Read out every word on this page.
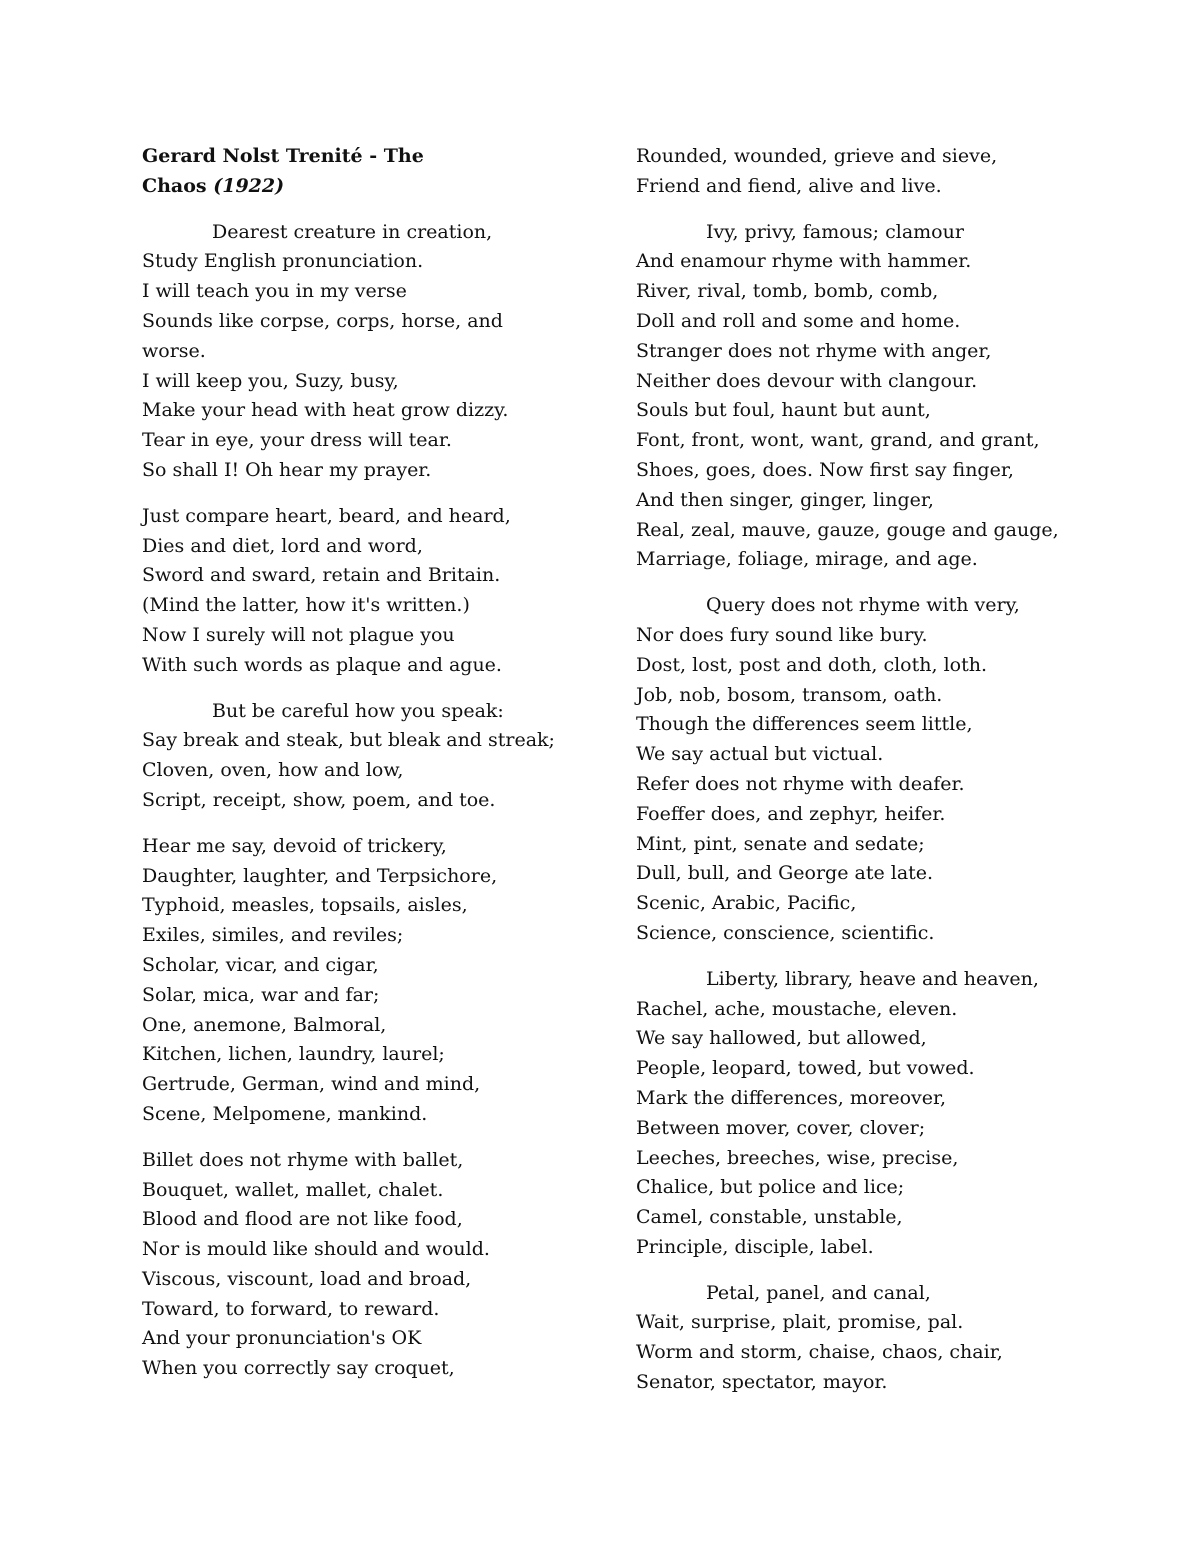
Gerard Nolst Trenité - The
Chaos (1922)
Dearest creature in creation,
Study English pronunciation.
I will teach you in my verse
Sounds like corpse, corps, horse, and
worse.
I will keep you, Suzy, busy,
Make your head with heat grow dizzy.
Tear in eye, your dress will tear.
So shall I! Oh hear my prayer.
Just compare heart, beard, and heard,
Dies and diet, lord and word,
Sword and sward, retain and Britain.
(Mind the latter, how it's written.)
Now I surely will not plague you
With such words as plaque and ague.
But be careful how you speak:
Say break and steak, but bleak and streak;
Cloven, oven, how and low,
Script, receipt, show, poem, and toe.
Hear me say, devoid of trickery,
Daughter, laughter, and Terpsichore,
Typhoid, measles, topsails, aisles,
Exiles, similes, and reviles;
Scholar, vicar, and cigar,
Solar, mica, war and far;
One, anemone, Balmoral,
Kitchen, lichen, laundry, laurel;
Gertrude, German, wind and mind,
Scene, Melpomene, mankind.
Billet does not rhyme with ballet,
Bouquet, wallet, mallet, chalet.
Blood and flood are not like food,
Nor is mould like should and would.
Viscous, viscount, load and broad,
Toward, to forward, to reward.
And your pronunciation's OK
When you correctly say croquet,
Rounded, wounded, grieve and sieve,
Friend and fiend, alive and live.
Ivy, privy, famous; clamour
And enamour rhyme with hammer.
River, rival, tomb, bomb, comb,
Doll and roll and some and home.
Stranger does not rhyme with anger,
Neither does devour with clangour.
Souls but foul, haunt but aunt,
Font, front, wont, want, grand, and grant,
Shoes, goes, does. Now first say finger,
And then singer, ginger, linger,
Real, zeal, mauve, gauze, gouge and gauge,
Marriage, foliage, mirage, and age.
Query does not rhyme with very,
Nor does fury sound like bury.
Dost, lost, post and doth, cloth, loth.
Job, nob, bosom, transom, oath.
Though the differences seem little,
We say actual but victual.
Refer does not rhyme with deafer.
Foeffer does, and zephyr, heifer.
Mint, pint, senate and sedate;
Dull, bull, and George ate late.
Scenic, Arabic, Pacific,
Science, conscience, scientific.
Liberty, library, heave and heaven,
Rachel, ache, moustache, eleven.
We say hallowed, but allowed,
People, leopard, towed, but vowed.
Mark the differences, moreover,
Between mover, cover, clover;
Leeches, breeches, wise, precise,
Chalice, but police and lice;
Camel, constable, unstable,
Principle, disciple, label.
Petal, panel, and canal,
Wait, surprise, plait, promise, pal.
Worm and storm, chaise, chaos, chair,
Senator, spectator, mayor.
